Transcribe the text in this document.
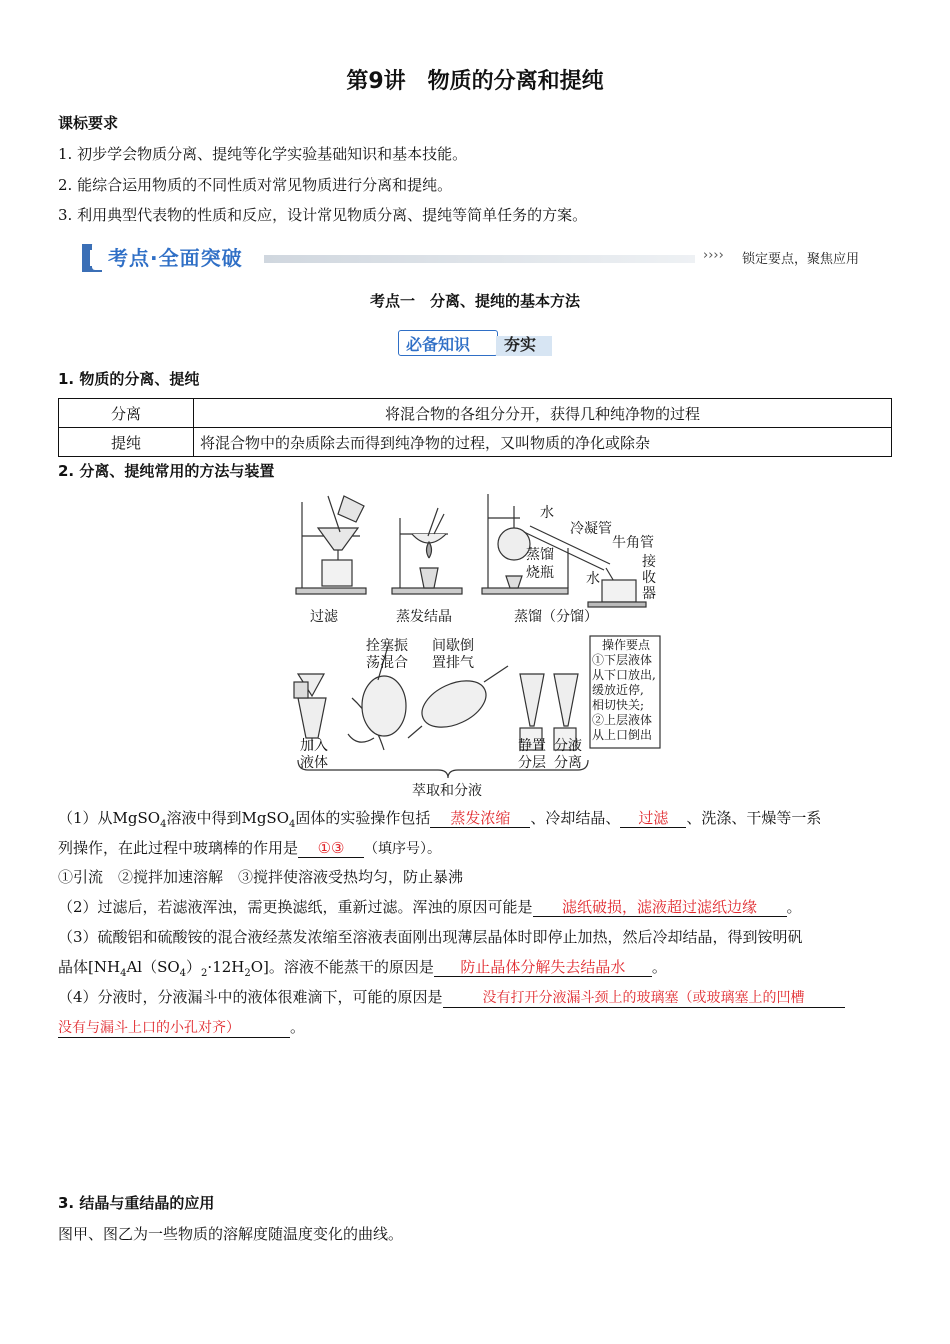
第9讲　物质的分离和提纯
课标要求
1. 初步学会物质分离、提纯等化学实验基础知识和基本技能。
2. 能综合运用物质的不同性质对常见物质进行分离和提纯。
3. 利用典型代表物的性质和反应，设计常见物质分离、提纯等简单任务的方案。
考点·全面突破	›››› 锁定要点，聚焦应用
考点一　分离、提纯的基本方法
必备知识 夯实
1. 物质的分离、提纯
分离	将混合物的各组分分开，获得几种纯净物的过程
提纯	将混合物中的杂质除去而得到纯净物的过程，又叫物质的净化或除杂
2. 分离、提纯常用的方法与装置
过滤	蒸发结晶	蒸馏（分馏）
水
冷凝管
牛角管
蒸馏
烧瓶 水
接
收
器
加入
液体
拴塞振
荡混合
间歇倒
置排气
静置
分层
分液
分离
萃取和分液
操作要点
①下层液体
从下口放出,
缓放近停,
相切快关;
②上层液体
从上口倒出
（1）从MgSO$_4$溶液中得到MgSO$_4$固体的实验操作包括 蒸发浓缩 、冷却结晶、 过滤 、洗涤、干燥等一系
列操作，在此过程中玻璃棒的作用是 ①③ （填序号）。
①引流　②搅拌加速溶解　③搅拌使溶液受热均匀，防止暴沸
（2）过滤后，若滤液浑浊，需更换滤纸，重新过滤。浑浊的原因可能是 滤纸破损，滤液超过滤纸边缘 。
（3）硫酸铝和硫酸铵的混合液经蒸发浓缩至溶液表面刚出现薄层晶体时即停止加热，然后冷却结晶，得到铵明矾
晶体$[NH_4Al(SO_4)_2\cdot 12H_2O]$。溶液不能蒸干的原因是 防止晶体分解失去结晶水 。
（4）分液时，分液漏斗中的液体很难滴下，可能的原因是	没有打开分液漏斗颈上的玻璃塞（或玻璃塞上的凹槽
没有与漏斗上口的小孔对齐）	。
3. 结晶与重结晶的应用
图甲、图乙为一些物质的溶解度随温度变化的曲线。
